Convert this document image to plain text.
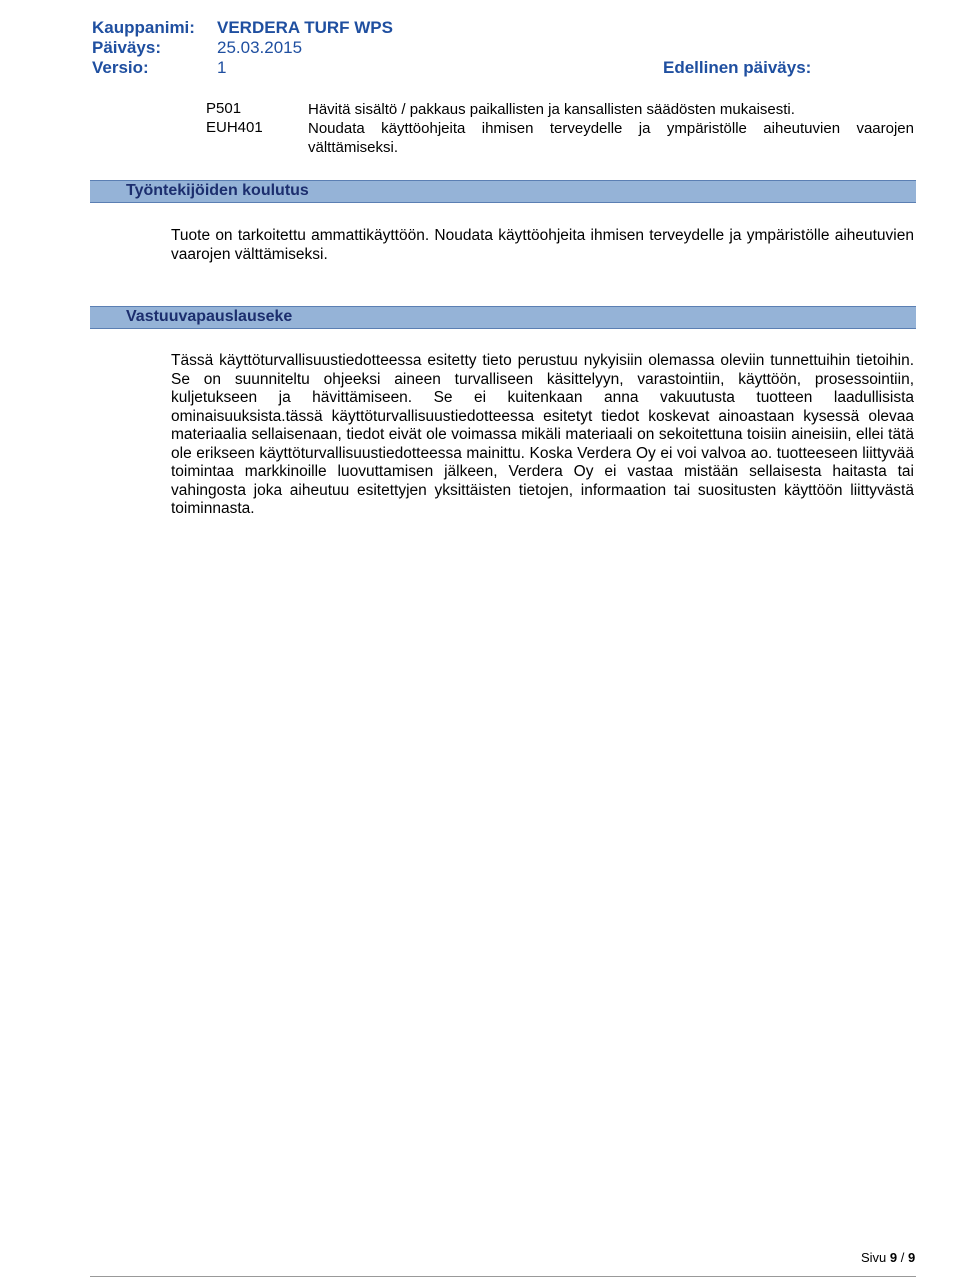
Kauppanimi: VERDERA TURF WPS
Päiväys:	25.03.2015
Versio:	1	Edellinen päiväys:
P501	Hävitä sisältö / pakkaus paikallisten ja kansallisten säädösten mukaisesti.
EUH401	Noudata käyttöohjeita ihmisen terveydelle ja ympäristölle aiheutuvien vaarojen välttämiseksi.
Työntekijöiden koulutus
Tuote on tarkoitettu ammattikäyttöön. Noudata käyttöohjeita ihmisen terveydelle ja ympäristölle aiheutuvien vaarojen välttämiseksi.
Vastuuvapauslauseke
Tässä käyttöturvallisuustiedotteessa esitetty tieto perustuu nykyisiin olemassa oleviin tunnettuihin tietoihin. Se on suunniteltu ohjeeksi aineen turvalliseen käsittelyyn, varastointiin, käyttöön, prosessointiin, kuljetukseen ja hävittämiseen. Se ei kuitenkaan anna vakuutusta tuotteen laadullisista ominaisuuksista.tässä käyttöturvallisuustiedotteessa esitetyt tiedot koskevat ainoastaan kysessä olevaa materiaalia sellaisenaan, tiedot eivät ole voimassa mikäli materiaali on sekoitettuna toisiin aineisiin, ellei tätä ole erikseen käyttöturvallisuustiedotteessa mainittu. Koska Verdera Oy ei voi valvoa ao. tuotteeseen liittyvää toimintaa markkinoille luovuttamisen jälkeen, Verdera Oy ei vastaa mistään sellaisesta haitasta tai vahingosta joka aiheutuu esitettyjen yksittäisten tietojen, informaation tai suositusten käyttöön liittyvästä toiminnasta.
Sivu 9 / 9
